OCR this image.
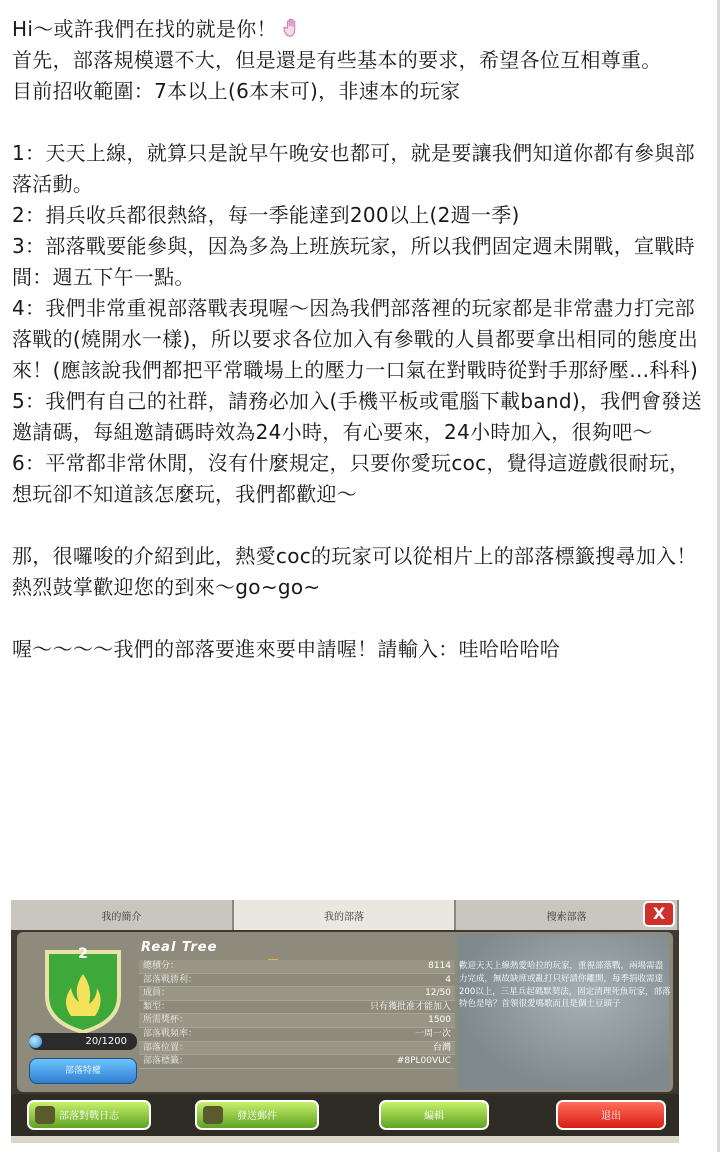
Hi～或許我們在找的就是你！

首先，部落規模還不大，但是還是有些基本的要求，希望各位互相尊重。

目前招收範圍：7本以上(6本末可)，非速本的玩家

1：天天上線，就算只是說早午晚安也都可，就是要讓我們知道你都有參與部落活動。

2：捐兵收兵都很熱絡，每一季能達到200以上(2週一季)

3：部落戰要能參與，因為多為上班族玩家，所以我們固定週未開戰，宣戰時間：週五下午一點。

4：我們非常重視部落戰表現喔～因為我們部落裡的玩家都是非常盡力打完部落戰的(燒開水一樣)，所以要求各位加入有參戰的人員都要拿出相同的態度出來！(應該說我們都把平常職場上的壓力一口氣在對戰時從對手那紓壓…科科)

5：我們有自己的社群，請務必加入(手機平板或電腦下載band)，我們會發送邀請碼，每組邀請碼時效為24小時，有心要來，24小時加入，很夠吧～

6：平常都非常休閒，沒有什麼規定，只要你愛玩coc，覺得這遊戲很耐玩，想玩卻不知道該怎麼玩，我們都歡迎～

那，很囉唆的介紹到此，熱愛coc的玩家可以從相片上的部落標籤搜尋加入！熱烈鼓掌歡迎您的到來～go~go~

喔～～～～我們的部落要進來要申請喔！請輸入：哇哈哈哈哈

我的簡介	我的部落	搜索部落	X
2	Real Tree
總積分：	8114
部落戰勝利：	4
成員：	12/50
類型：	只有獲批准才能加入
所需獎杯：	1500
部落戰頻率：	一周一次
部落位置：	台灣
部落標籤：	#8PL00VUC
歡迎天天上線熱愛哈拉的玩家，重視部落戰，兩場需盡力完成，無故缺席或亂打只好請你離開，每季捐收需達200以上，三星兵起碼默契法，固定清理死魚玩家，部落特色是啥？首領很愛嗎歌而且是個土豆頭子
20/1200
部落特權
部落對戰日志	發送郵件	編輯	退出
